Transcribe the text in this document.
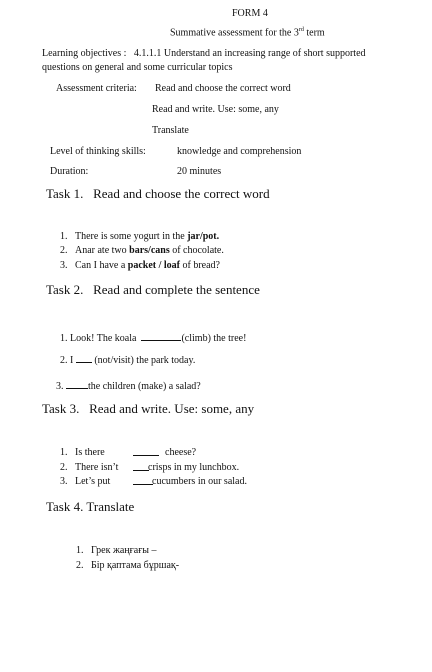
FORM 4
Summative assessment for the 3rd term
Learning objectives : 4.1.1.1 Understand an increasing range of short supported
questions on general and some curricular topics
Assessment criteria: Read and choose the correct word
Read and write. Use: some, any
Translate
Level of thinking skills:	knowledge and comprehension
Duration:	20 minutes
Task 1.   Read and choose the correct word
1. There is some yogurt in the jar/pot.
2. Anar ate two bars/cans of chocolate.
3. Can I have a packet / loaf of bread?
Task 2.   Read and complete the sentence
1. Look! The koala	(climb) the tree!
2. I  (not/visit) the park today.
3. the children (make) a salad?
Task 3.   Read and write. Use: some, any
1. Is there	cheese?
2. There isn’t	crisps in my lunchbox.
3. Let’s put	cucumbers in our salad.
Task 4. Translate
1. Грек жаңғағы –
2. Бір қаптама бұршақ-
